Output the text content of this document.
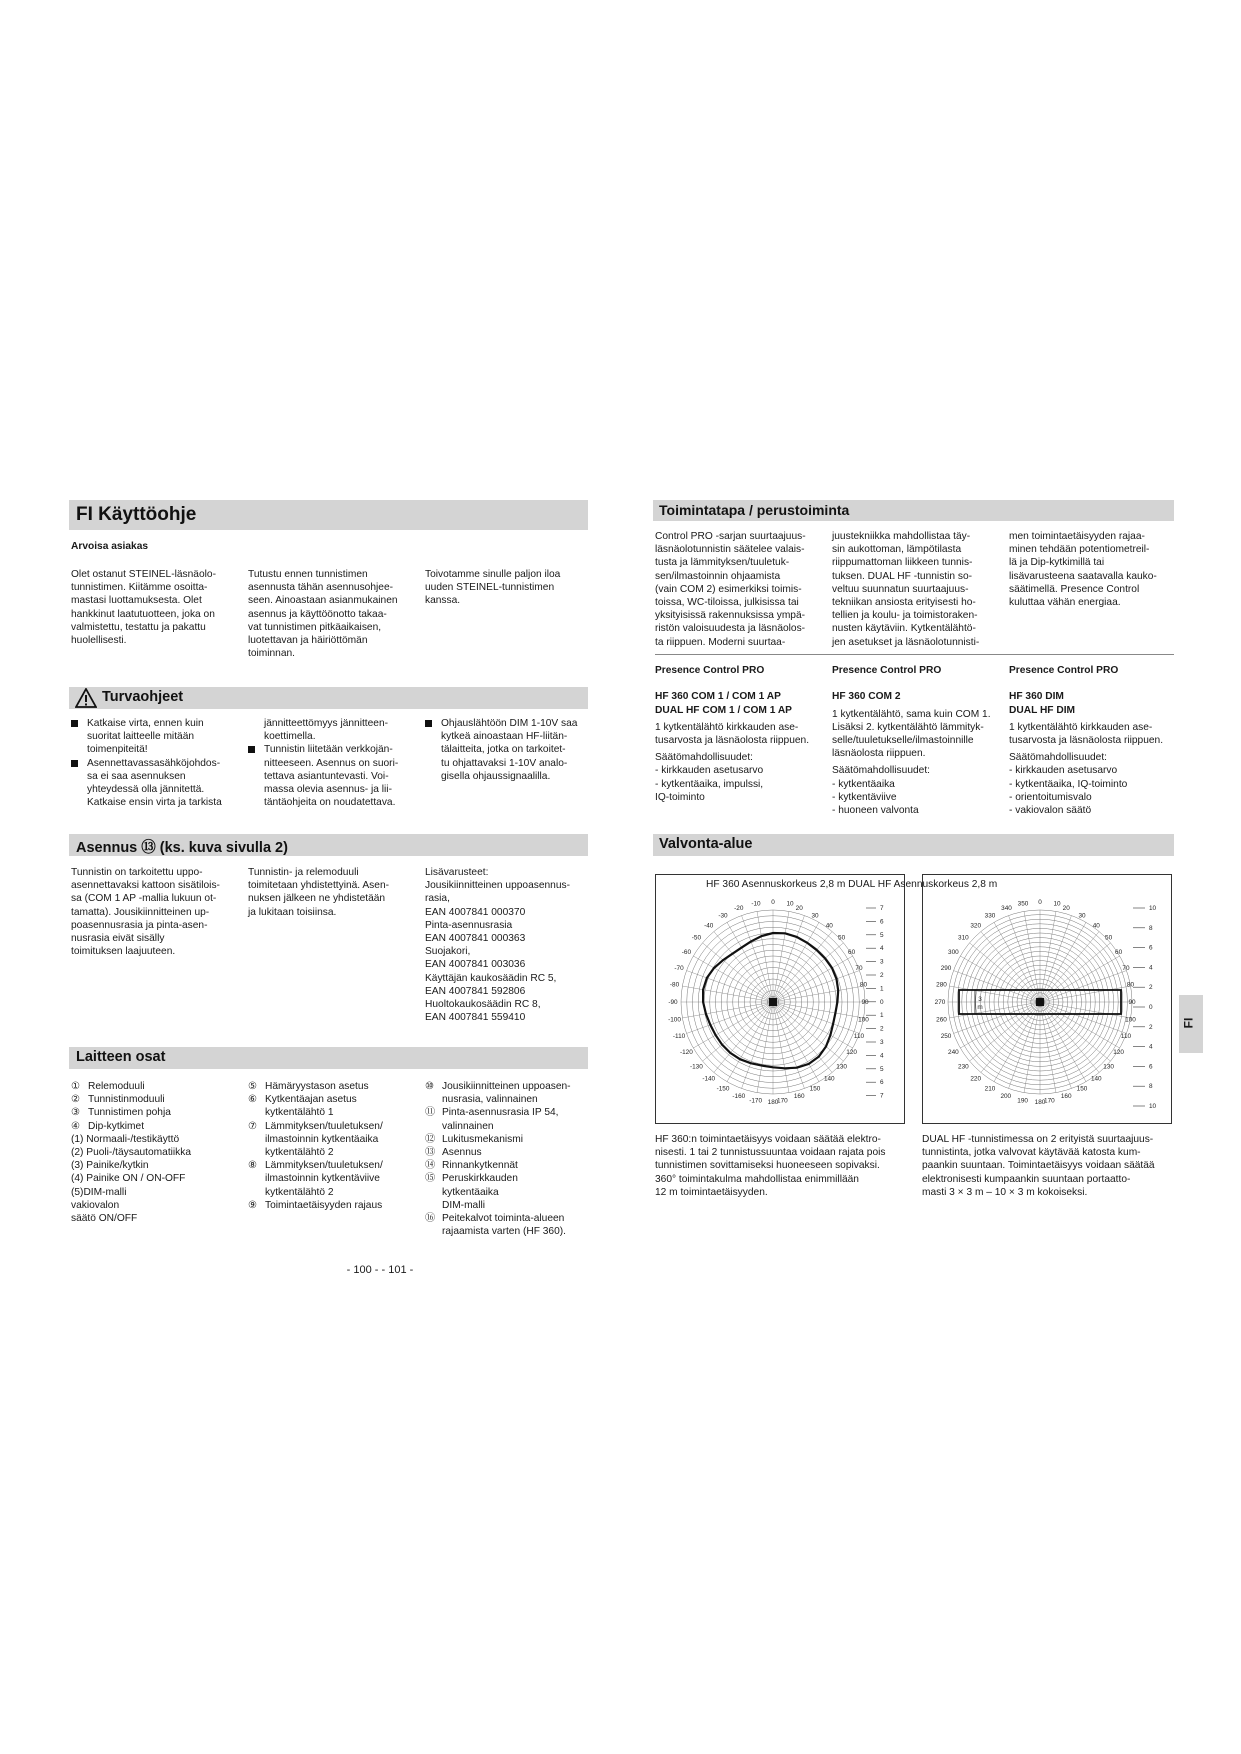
FI Käyttöohje
Arvoisa asiakas
Olet ostanut STEINEL-läsnäolo-
tunnistimen. Kiitämme osoitta-
mastasi luottamuksesta. Olet
hankkinut laatutuotteen, joka on
valmistettu, testattu ja pakattu
huolellisesti.
Tutustu ennen tunnistimen
asennusta tähän asennusohjee-
seen. Ainoastaan asianmukainen
asennus ja käyttöönotto takaa-
vat tunnistimen pitkäaikaisen,
luotettavan ja häiriöttömän
toiminnan.
Toivotamme sinulle paljon iloa
uuden STEINEL-tunnistimen
kanssa.
Turvaohjeet
Katkaise virta, ennen kuin
suoritat laitteelle mitään
toimenpiteitä!
Asennettavassasähköjohdos-
sa ei saa asennuksen
yhteydessä olla jännitettä.
Katkaise ensin virta ja tarkista
jännitteettömyys jännitteen-
koettimella.
Tunnistin liitetään verkkojän-
nitteeseen. Asennus on suori-
tettava asiantuntevasti. Voi-
massa olevia asennus- ja lii-
täntäohjeita on noudatettava.
Ohjauslähtöön DIM 1-10V saa
kytkeä ainoastaan HF-liitän-
tälaitteita, jotka on tarkoitet-
tu ohjattavaksi 1-10V analo-
gisella ohjaussignaalilla.
Asennus ⑬ (ks. kuva sivulla 2)
Tunnistin on tarkoitettu uppo-
asennettavaksi kattoon sisätilois-
sa (COM 1 AP -mallia lukuun ot-
tamatta). Jousikiinnitteinen up-
poasennusrasia ja pinta-asen-
nusrasia eivät sisälly
toimituksen laajuuteen.
Tunnistin- ja relemoduuli
toimitetaan yhdistettyinä. Asen-
nuksen jälkeen ne yhdistetään
ja lukitaan toisiinsa.
Lisävarusteet:
Jousikiinnitteinen uppoasennus-
rasia,
EAN 4007841 000370
Pinta-asennusrasia
EAN 4007841 000363
Suojakori,
EAN 4007841 003036
Käyttäjän kaukosäädin RC 5,
EAN 4007841 592806
Huoltokaukosäädin RC 8,
EAN 4007841 559410
Laitteen osat
① Relemoduuli
② Tunnistinmoduuli
③ Tunnistimen pohja
④ Dip-kytkimet
(1) Normaali-/testikäyttö
(2) Puoli-/täysautomatiikka
(3) Painike/kytkin
(4) Painike ON / ON-OFF
(5)DIM-malli
vakiovalon
säätö ON/OFF
⑤ Hämäryystason asetus
⑥ Kytkentäajan asetus
kytkentälähtö 1
⑦ Lämmityksen/tuuletuksen/
ilmastoinnin kytkentäaika
kytkentälähtö 2
⑧ Lämmityksen/tuuletuksen/
ilmastoinnin kytkentäviive
kytkentälähtö 2
⑨ Toimintaetäisyyden rajaus
⑩ Jousikiinnitteinen uppoasen-
nusrasia, valinnainen
⑪ Pinta-asennusrasia IP 54,
valinnainen
⑫ Lukitusmekanismi
⑬ Asennus
⑭ Rinnankytkennät
⑮ Peruskirkkauden
kytkentäaika
DIM-malli
⑯ Peitekalvot toiminta-alueen
rajaamista varten (HF 360).
- 100 - - 101 -
Toimintatapa / perustoiminta
Control PRO -sarjan suurtaajuus-
läsnäolotunnistin säätelee valais-
tusta ja lämmityksen/tuuletuk-
sen/ilmastoinnin ohjaamista
(vain COM 2) esimerkiksi toimis-
toissa, WC-tiloissa, julkisissa tai
yksityisissä rakennuksissa ympä-
ristön valoisuudesta ja läsnäolos-
ta riippuen. Moderni suurtaa-
juustekniikka mahdollistaa täy-
sin aukottoman, lämpötilasta
riippumattoman liikkeen tunnis-
tuksen. DUAL HF -tunnistin so-
veltuu suunnatun suurtaajuus-
tekniikan ansiosta erityisesti ho-
tellien ja koulu- ja toimistoraken-
nusten käytäviin. Kytkentälähtö-
jen asetukset ja läsnäolotunnisti-
men toimintaetäisyyden rajaa-
minen tehdään potentiometreil-
lä ja Dip-kytkimillä tai
lisävarusteena saatavalla kauko-
säätimellä. Presence Control
kuluttaa vähän energiaa.
Presence Control PRO

HF 360 COM 1 / COM 1 AP
DUAL HF COM 1 / COM 1 AP
1 kytkentälähtö kirkkauden ase-
tusarvosta ja läsnäolosta riippuen.
Säätömahdollisuudet:
- kirkkauden asetusarvo
- kytkentäaika, impulssi,
IQ-toiminto
Presence Control PRO

HF 360 COM 2
1 kytkentälähtö, sama kuin COM 1.
Lisäksi 2. kytkentälähtö lämmityk-
selle/tuuletukselle/ilmastoinnille
läsnäolosta riippuen.
Säätömahdollisuudet:
- kytkentäaika
- kytkentäviive
- huoneen valvonta
Presence Control PRO

HF 360 DIM
DUAL HF DIM
1 kytkentälähtö kirkkauden ase-
tusarvosta ja läsnäolosta riippuen.
Säätömahdollisuudet:
- kirkkauden asetusarvo
- kytkentäaika, IQ-toiminto
- orientoitumisvalo
- vakiovalon säätö
Valvonta-alue
-20
-30
-40
-50
-60
-70
-80
-90
-100
-110
-120
-130
-140
-150
-160
-170
20
30
40
50
60
70
80
90
100
110
120
130
140
150
160
170
-10 0 10
180
7
6
5
4
3
2
1
0
1
2
3
4
5
6
7
3
m
330
320
310
300
290
280
270
260
250
240
230
220
210
200
190
20
30
40
50
60
70
80
90
100
110
120
130
140
150
160
170
340
350 0 10
180
10
8
6
4
2
0
2
4
6
8
10
HF 360 Asennuskorkeus 2,8 m DUAL HF Asennuskorkeus 2,8 m
HF 360:n toimintaetäisyys voidaan säätää elektro-
nisesti. 1 tai 2 tunnistussuuntaa voidaan rajata pois
tunnistimen sovittamiseksi huoneeseen sopivaksi.
360° toimintakulma mahdollistaa enimmillään
12 m toimintaetäisyyden.
DUAL HF -tunnistimessa on 2 erityistä suurtaajuus-
tunnistinta, jotka valvovat käytävää katosta kum-
paankin suuntaan. Toimintaetäisyys voidaan säätää
elektronisesti kumpaankin suuntaan portaatto-
masti 3 × 3 m – 10 × 3 m kokoiseksi.
FI
